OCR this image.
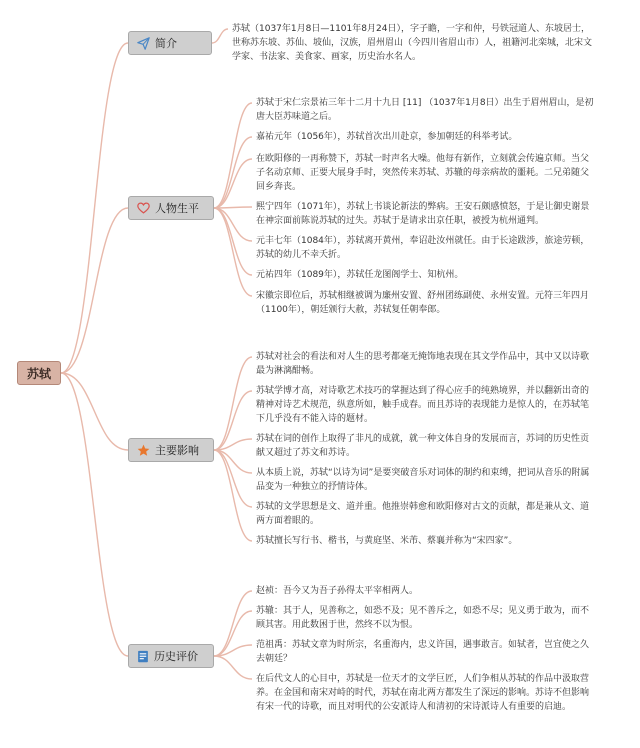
苏轼
简介
人物生平
主要影响
历史评价

苏轼（1037年1月8日—1101年8月24日），字子瞻，一字和仲，号铁冠道人、东坡居士，世称苏东坡、苏仙、坡仙，汉族，眉州眉山（今四川省眉山市）人，祖籍河北栾城，北宋文学家、书法家、美食家、画家，历史治水名人。

苏轼于宋仁宗景祐三年十二月十九日 [11] （1037年1月8日）出生于眉州眉山，是初唐大臣苏味道之后。

嘉祐元年（1056年），苏轼首次出川赴京，参加朝廷的科举考试。

在欧阳修的一再称赞下，苏轼一时声名大噪。他每有新作，立刻就会传遍京师。当父子名动京师、正要大展身手时，突然传来苏轼、苏辙的母亲病故的噩耗。二兄弟随父回乡奔丧。

熙宁四年（1071年），苏轼上书谈论新法的弊病。王安石颇感愤怒，于是让御史谢景在神宗面前陈说苏轼的过失。苏轼于是请求出京任职，被授为杭州通判。

元丰七年（1084年），苏轼离开黄州，奉诏赴汝州就任。由于长途跋涉，旅途劳顿，苏轼的幼儿不幸夭折。

元祐四年（1089年），苏轼任龙图阁学士、知杭州。

宋徽宗即位后，苏轼相继被调为廉州安置、舒州团练副使、永州安置。元符三年四月（1100年），朝廷颁行大赦，苏轼复任朝奉郎。

苏轼对社会的看法和对人生的思考都毫无掩饰地表现在其文学作品中，其中又以诗歌最为淋漓酣畅。

苏轼学博才高，对诗歌艺术技巧的掌握达到了得心应手的纯熟境界，并以翻新出奇的精神对诗艺术规范，纵意所如，触手成春。而且苏诗的表现能力是惊人的，在苏轼笔下几乎没有不能入诗的题材。

苏轼在词的创作上取得了非凡的成就，就一种文体自身的发展而言，苏词的历史性贡献又超过了苏文和苏诗。

从本质上说，苏轼“以诗为词”是要突破音乐对词体的制约和束缚，把词从音乐的附属品变为一种独立的抒情诗体。

苏轼的文学思想是文、道并重。他推崇韩愈和欧阳修对古文的贡献，都是兼从文、道两方面着眼的。

苏轼擅长写行书、楷书，与黄庭坚、米芾、蔡襄并称为“宋四家”。

赵祯：吾今又为吾子孙得太平宰相两人。

苏辙：其于人，见善称之，如恐不及；见不善斥之，如恐不尽；见义勇于敢为，而不顾其害。用此数困于世，然终不以为恨。

范祖禹：苏轼文章为时所宗，名重海内，忠义许国，遇事敢言。如轼者，岂宜使之久去朝廷？

在后代文人的心目中，苏轼是一位天才的文学巨匠，人们争相从苏轼的作品中汲取营养。在金国和南宋对峙的时代，苏轼在南北两方都发生了深远的影响。苏诗不但影响有宋一代的诗歌，而且对明代的公安派诗人和清初的宋诗派诗人有重要的启迪。
